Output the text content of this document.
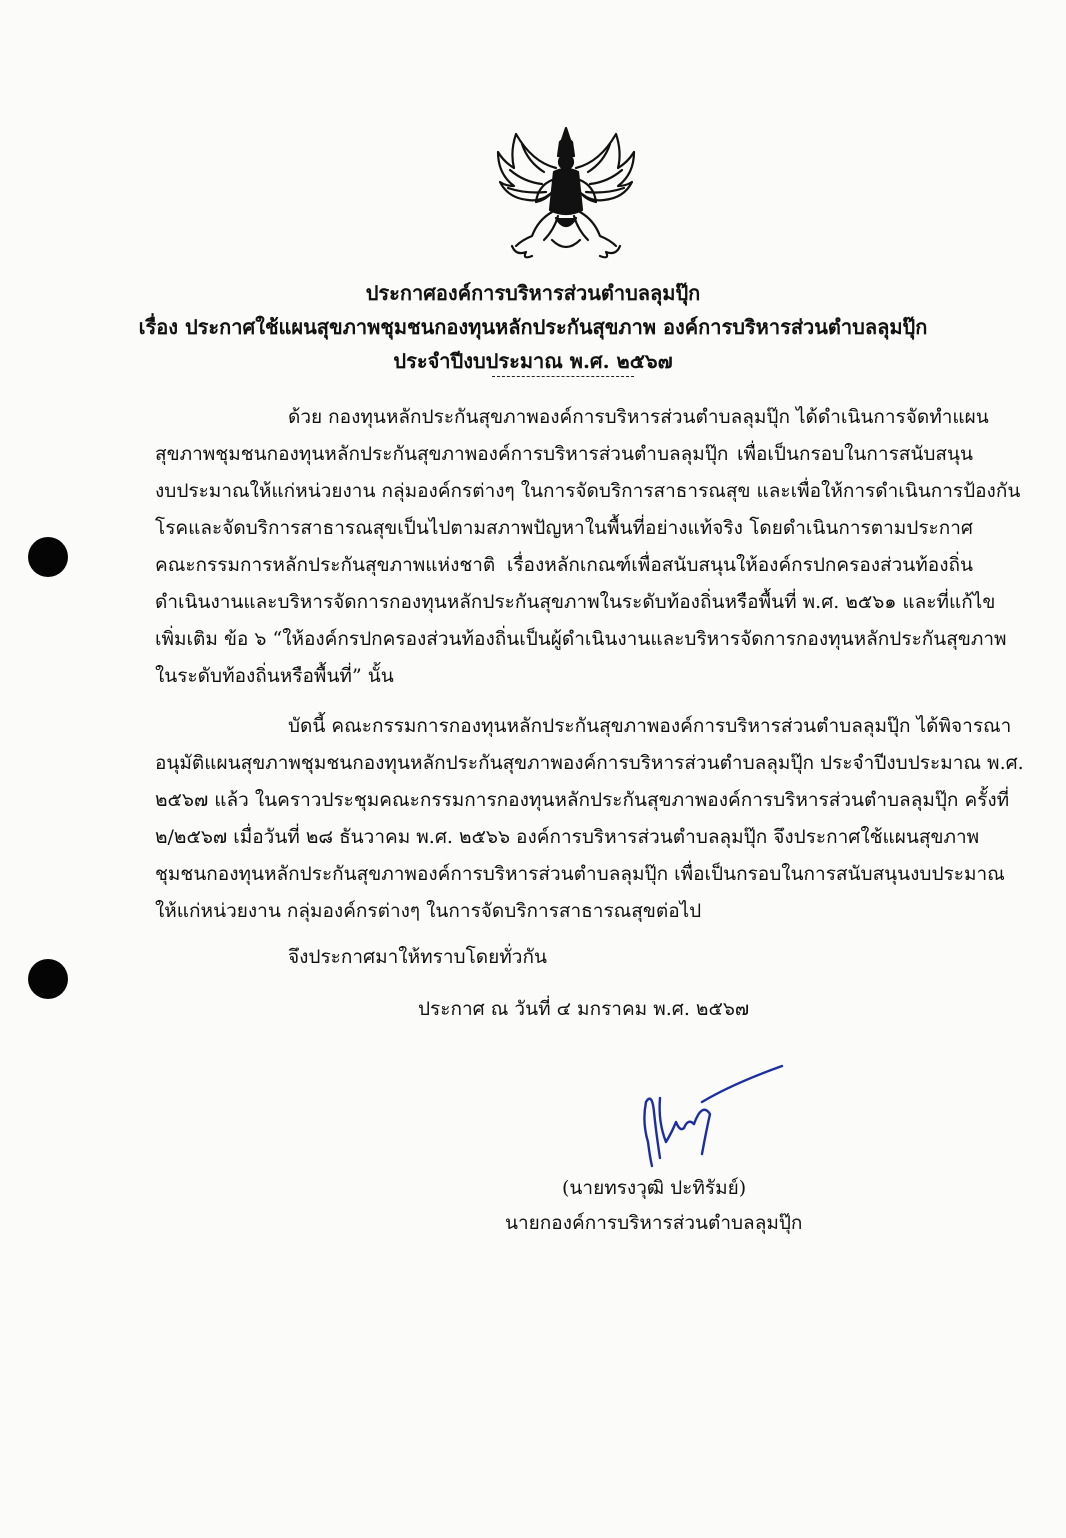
ประกาศองค์การบริหารส่วนตำบลลุมปุ๊ก
เรื่อง ประกาศใช้แผนสุขภาพชุมชนกองทุนหลักประกันสุขภาพ องค์การบริหารส่วนตำบลลุมปุ๊ก
ประจำปีงบประมาณ พ.ศ. ๒๕๖๗
ด้วย กองทุนหลักประกันสุขภาพองค์การบริหารส่วนตำบลลุมปุ๊ก ได้ดำเนินการจัดทำแผน
สุขภาพชุมชนกองทุนหลักประกันสุขภาพองค์การบริหารส่วนตำบลลุมปุ๊ก เพื่อเป็นกรอบในการสนับสนุน
งบประมาณให้แก่หน่วยงาน กลุ่มองค์กรต่างๆ ในการจัดบริการสาธารณสุข และเพื่อให้การดำเนินการป้องกัน
โรคและจัดบริการสาธารณสุขเป็นไปตามสภาพปัญหาในพื้นที่อย่างแท้จริง โดยดำเนินการตามประกาศ
คณะกรรมการหลักประกันสุขภาพแห่งชาติ เรื่องหลักเกณฑ์เพื่อสนับสนุนให้องค์กรปกครองส่วนท้องถิ่น
ดำเนินงานและบริหารจัดการกองทุนหลักประกันสุขภาพในระดับท้องถิ่นหรือพื้นที่ พ.ศ. ๒๕๖๑ และที่แก้ไข
เพิ่มเติม ข้อ ๖ “ให้องค์กรปกครองส่วนท้องถิ่นเป็นผู้ดำเนินงานและบริหารจัดการกองทุนหลักประกันสุขภาพ
ในระดับท้องถิ่นหรือพื้นที่” นั้น
บัดนี้ คณะกรรมการกองทุนหลักประกันสุขภาพองค์การบริหารส่วนตำบลลุมปุ๊ก ได้พิจารณา
อนุมัติแผนสุขภาพชุมชนกองทุนหลักประกันสุขภาพองค์การบริหารส่วนตำบลลุมปุ๊ก ประจำปีงบประมาณ พ.ศ.
๒๕๖๗ แล้ว ในคราวประชุมคณะกรรมการกองทุนหลักประกันสุขภาพองค์การบริหารส่วนตำบลลุมปุ๊ก ครั้งที่
๒/๒๕๖๗ เมื่อวันที่ ๒๘ ธันวาคม พ.ศ. ๒๕๖๖ องค์การบริหารส่วนตำบลลุมปุ๊ก จึงประกาศใช้แผนสุขภาพ
ชุมชนกองทุนหลักประกันสุขภาพองค์การบริหารส่วนตำบลลุมปุ๊ก เพื่อเป็นกรอบในการสนับสนุนงบประมาณ
ให้แก่หน่วยงาน กลุ่มองค์กรต่างๆ ในการจัดบริการสาธารณสุขต่อไป
จึงประกาศมาให้ทราบโดยทั่วกัน
ประกาศ ณ วันที่ ๔ มกราคม พ.ศ. ๒๕๖๗
(นายทรงวุฒิ ปะทิรัมย์)
นายกองค์การบริหารส่วนตำบลลุมปุ๊ก
